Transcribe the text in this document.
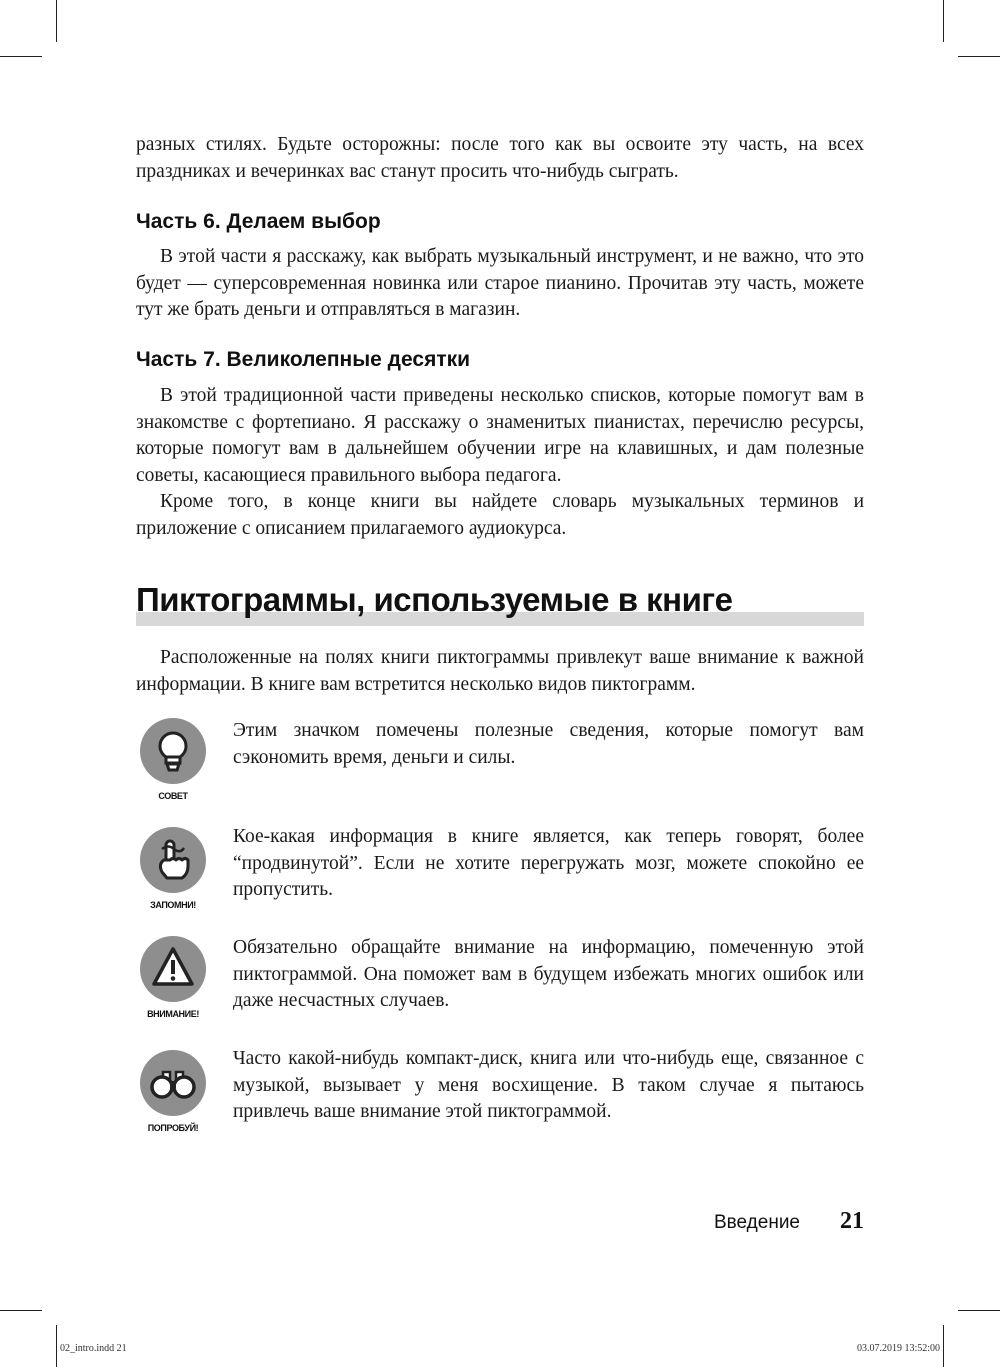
разных стилях. Будьте осторожны: после того как вы освоите эту часть, на всех праздниках и вечеринках вас станут просить что-нибудь сыграть.

Часть 6. Делаем выбор

В этой части я расскажу, как выбрать музыкальный инструмент, и не важно, что это будет — суперсовременная новинка или старое пианино. Прочитав эту часть, можете тут же брать деньги и отправляться в магазин.

Часть 7. Великолепные десятки

В этой традиционной части приведены несколько списков, которые помогут вам в знакомстве с фортепиано. Я расскажу о знаменитых пианистах, перечислю ресурсы, которые помогут вам в дальнейшем обучении игре на клавишных, и дам полезные советы, касающиеся правильного выбора педагога.

Кроме того, в конце книги вы найдете словарь музыкальных терминов и приложение с описанием прилагаемого аудиокурса.

Пиктограммы, используемые в книге

Расположенные на полях книги пиктограммы привлекут ваше внимание к важной информации. В книге вам встретится несколько видов пиктограмм.

СОВЕТ

Этим значком помечены полезные сведения, которые помогут вам сэкономить время, деньги и силы.

ЗАПОМНИ!

Кое-какая информация в книге является, как теперь говорят, более “продвинутой”. Если не хотите перегружать мозг, можете спокойно ее пропустить.

ВНИМАНИЕ!

Обязательно обращайте внимание на информацию, помеченную этой пиктограммой. Она поможет вам в будущем избежать многих ошибок или даже несчастных случаев.

ПОПРОБУЙ!

Часто какой-нибудь компакт-диск, книга или что-нибудь еще, связанное с музыкой, вызывает у меня восхищение. В таком случае я пытаюсь привлечь ваше внимание этой пиктограммой.

Введение 21
02_intro.indd 21	03.07.2019 13:52:00
